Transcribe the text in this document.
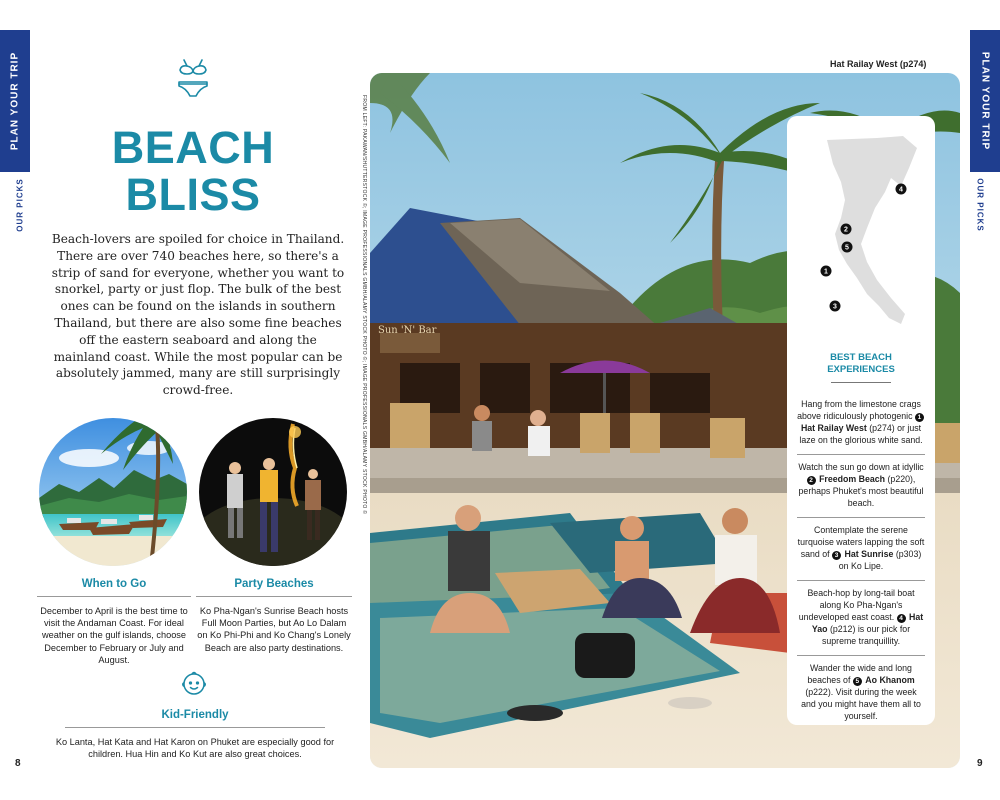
PLAN YOUR TRIP
OUR PICKS
PLAN YOUR TRIP
OUR PICKS
8	9
BEACH
BLISS

Beach-lovers are spoiled for choice in Thailand. There are over 740 beaches here, so there's a strip of sand for everyone, whether you want to snorkel, party or just flop. The bulk of the best ones can be found on the islands in southern Thailand, but there are also some fine beaches off the eastern seaboard and along the mainland coast. While the most popular can be absolutely jammed, many are still surprisingly crowd-free.

When to Go
December to April is the best time to visit the Andaman Coast. For ideal weather on the gulf islands, choose December to February or July and August.
Party Beaches
Ko Pha-Ngan's Sunrise Beach hosts Full Moon Parties, but Ao Lo Dalam on Ko Phi-Phi and Ko Chang's Lonely Beach are also party destinations.
Kid-Friendly
Ko Lanta, Hat Kata and Hat Karon on Phuket are especially good for children. Hua Hin and Ko Kut are also great choices.
FROM LEFT: PAKAWAN/SHUTTERSTOCK ©; IMAGE PROFESSIONALS GMBH/ALAMY STOCK PHOTO ©; IMAGE PROFESSIONALS GMBH/ALAMY STOCK PHOTO ©
Hat Railay West (p274)
Sun 'N' Bar
4
2
5
1
3
BEST BEACH
EXPERIENCES
Hang from the limestone crags above ridiculously photogenic 1 Hat Railay West (p274) or just laze on the glorious white sand.
Watch the sun go down at idyllic 2 Freedom Beach (p220), perhaps Phuket's most beautiful beach.
Contemplate the serene turquoise waters lapping the soft sand of 3 Hat Sunrise (p303) on Ko Lipe.
Beach-hop by long-tail boat along Ko Pha-Ngan's undeveloped east coast. 4 Hat Yao (p212) is our pick for supreme tranquillity.
Wander the wide and long beaches of 5 Ao Khanom (p222). Visit during the week and you might have them all to yourself.
